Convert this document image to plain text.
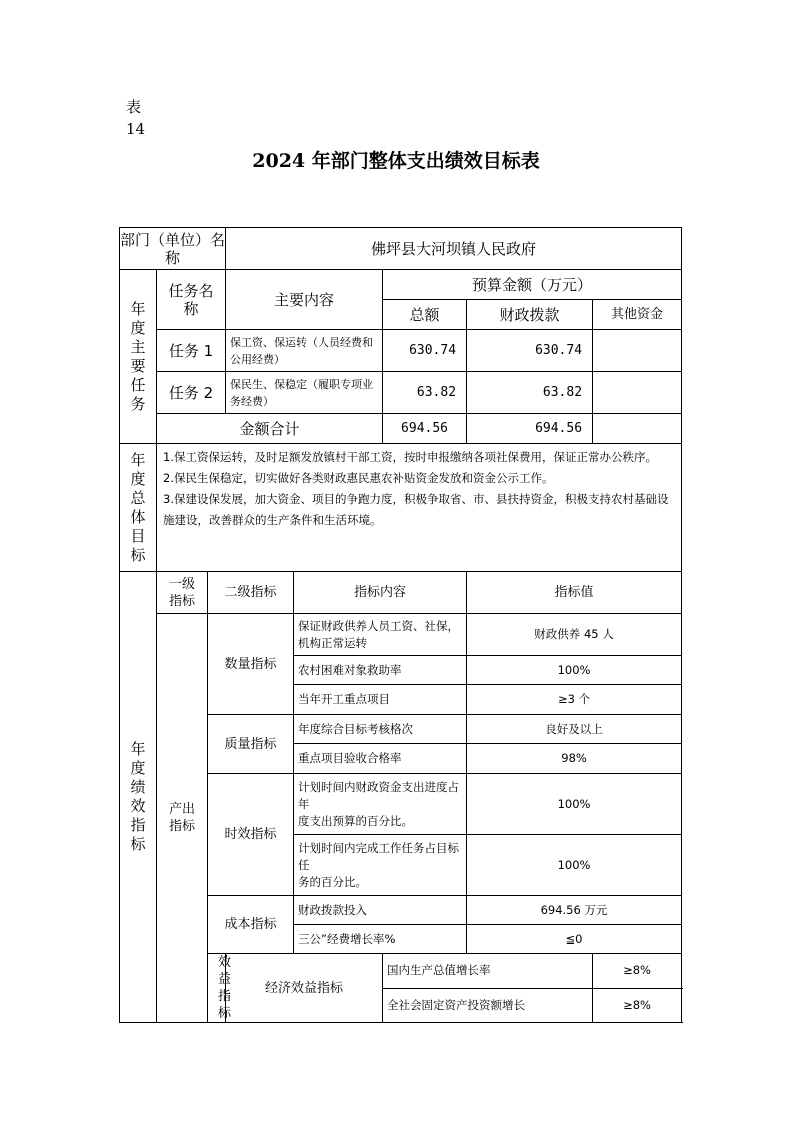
表
14
2024 年部门整体支出绩效目标表
部门（单位）名称			佛坪县大河坝镇人民政府				
年度主要任务	任务名称		主要内容		预算金额（万元）		
					总额	财政拨款	其他资金
	任务 1		保工资、保运转（人员经费和公用经费）		630.74	630.74	
	任务 2		保民生、保稳定（履职专项业务经费）		63.82	63.82	
	金额合计				694.56	694.56	
年度总体目标	1.保工资保运转，及时足额发放镇村干部工资，按时申报缴纳各项社保费用，保证正常办公秩序。

2.保民生保稳定，切实做好各类财政惠民惠农补贴资金发放和资金公示工作。

3.保建设保发展，加大资金、项目的争跑力度，积极争取省、市、县扶持资金，积极支持农村基础设施建设，改善群众的生产条件和生活环境。						

年度绩效指标	一级指标	二级指标		指标内容		指标值	
	产出指标	数量指标		保证财政供养人员工资、社保，机构正常运转		财政供养 45 人	
				农村困难对象救助率		100%	
				当年开工重点项目		≥3 个	
		质量指标		年度综合目标考核格次		良好及以上	
				重点项目验收合格率		98%	
		时效指标		计划时间内财政资金支出进度占年
度支出预算的百分比。		100%	

				计划时间内完成工作任务占目标任
务的百分比。		100%	
		成本指标		财政拨款投入		694.56 万元	
				三公”经费增长率%		≦0	
		效益指标	经济效益指标		国内生产总值增长率		≥8%
					全社会固定资产投资额增长		≥8%
